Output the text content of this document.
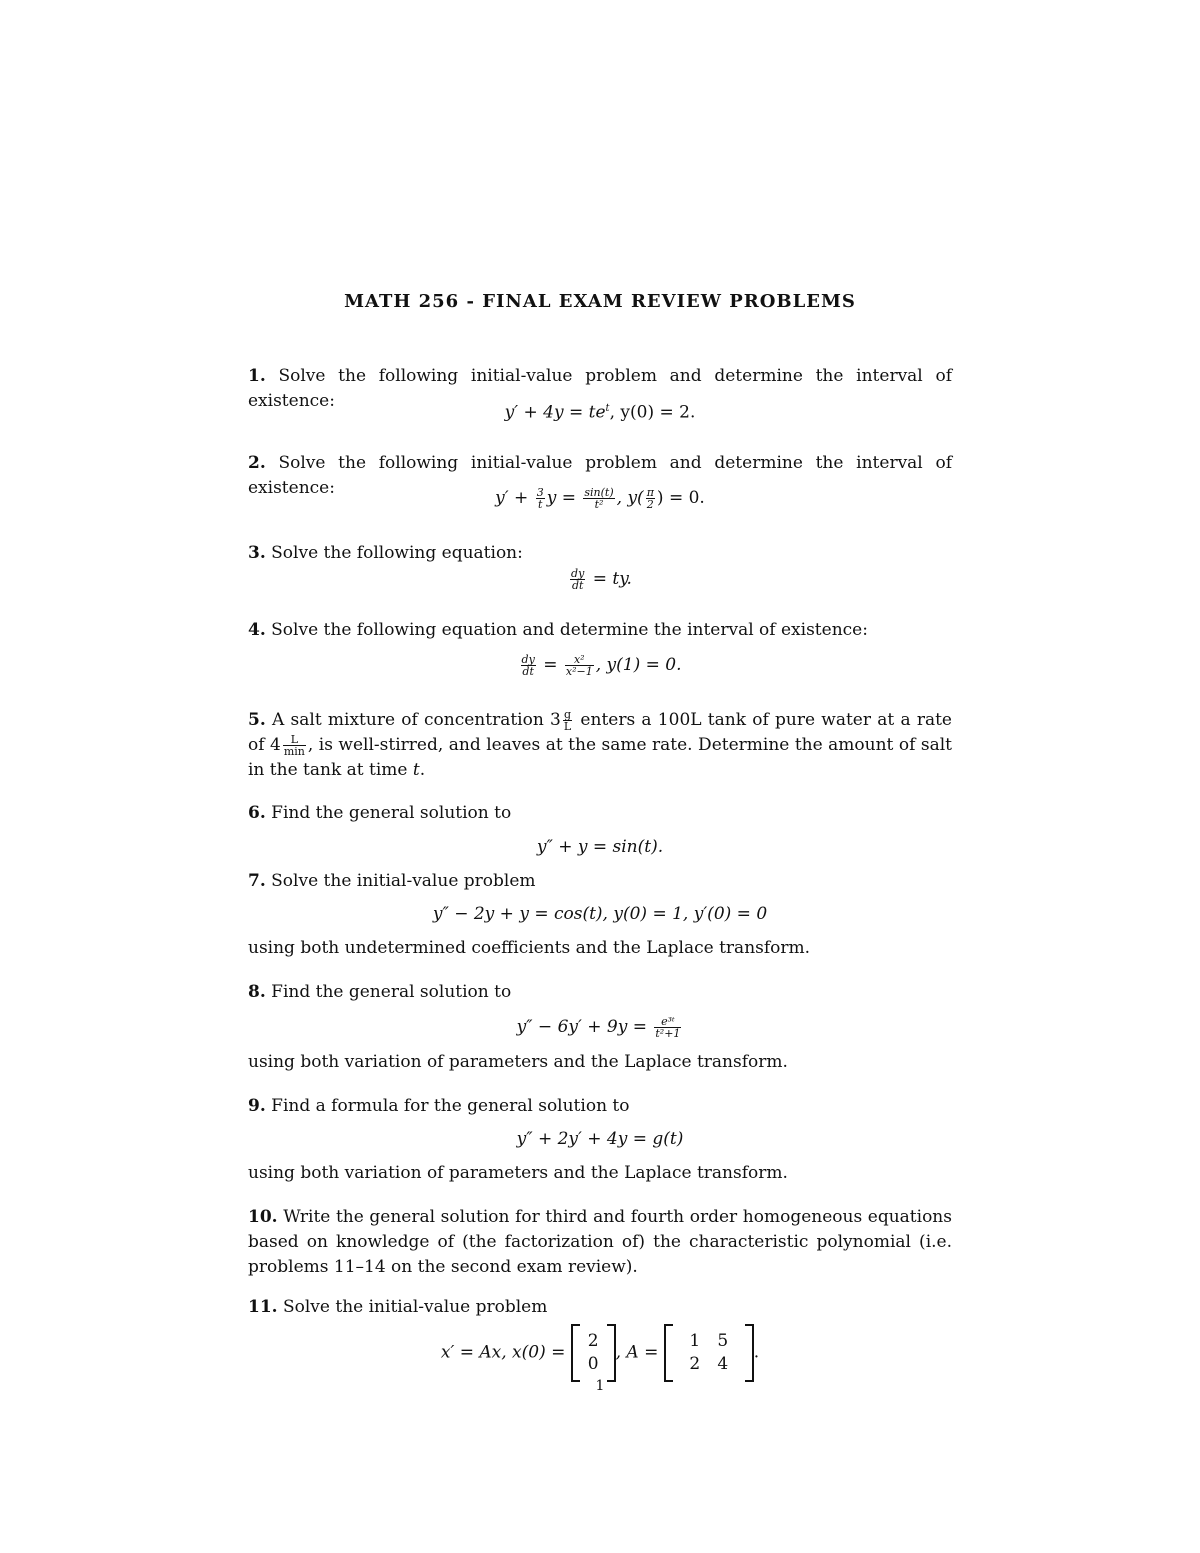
MATH 256 - FINAL EXAM REVIEW PROBLEMS
1. Solve the following initial-value problem and determine the interval of existence:
$y' + 4y = te^t$, y(0) = 2.
2. Solve the following initial-value problem and determine the interval of existence:	$y' + \frac{3}{t}$ $y = \frac{\sin(t)}{\text{t²}}$ , $y( \frac{\pi}{2}$ ) = 0.
3. Solve the following equation:
$\frac{dy}{dt}$ = ty.
4. Solve the following equation and determine the interval of existence:
$\frac{dy}{dt} = \frac{\text{x²}}{\text{x²−1}}$ , y(1) = 0.
5. A salt mixture of concentration $3 \frac{g}{L}$ enters a 100L tank of pure water at a rate of $4 \frac{L}{\min}$ , is well-stirred, and leaves at the same rate. Determine the amount of salt in the tank at time t.
6. Find the general solution to
y″ + y = sin(t).
7. Solve the initial-value problem
y″ − 2y + y = cos(t), y(0) = 1, y′(0) = 0
using both undetermined coefficients and the Laplace transform.
8. Find the general solution to
$y'' - 6y' + 9y = \frac{\text{e³ᵗ}}{\text{t²+1}}$
using both variation of parameters and the Laplace transform.
9. Find a formula for the general solution to
y″ + 2y′ + 4y = g(t)
using both variation of parameters and the Laplace transform.
10. Write the general solution for third and fourth order homogeneous equations based on knowledge of (the factorization of) the characteristic polynomial (i.e. problems 11–14 on the second exam review).
11. Solve the initial-value problem
x′ = Ax, x(0) =
2
0
, A =
1 5
2 4
.
1
